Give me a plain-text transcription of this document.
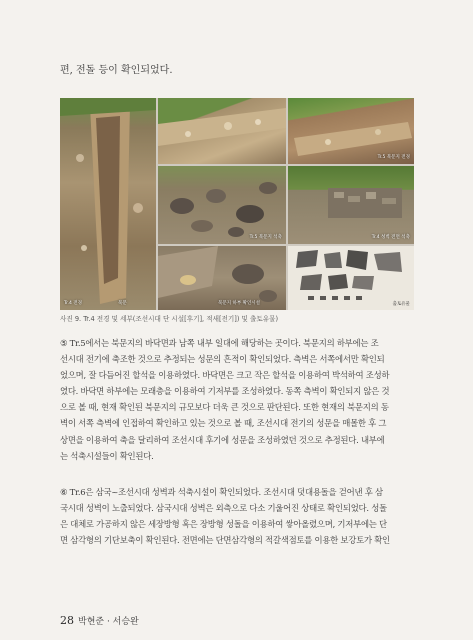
편, 전돌 등이 확인되었다.
Tr.4 전경	북문
Tr.5 북문지 전경
Tr.5 북문지 석축	Tr.4 성벽 전면 석축
북문지 하부 확인시설	출토유물
사진 9. Tr.4 전경 및 세부(조선시대 단 시설[후기], 적새[전기]) 및 출토유물)

⑤ Tr.5에서는 북문지의 바닥면과 남쪽 내부 일대에 해당하는 곳이다. 북문지의 하부에는 조
선시대 전기에 축조한 것으로 추정되는 성문의 흔적이 확인되었다. 측벽은 서쪽에서만 확인되
었으며, 잘 다듬어진 할석을 이용하였다. 바닥면은 크고 작은 할석을 이용하여 박석하여 조성하
였다. 바닥면 하부에는 모래층을 이용하여 기저부를 조성하였다. 동쪽 측벽이 확인되지 않은 것
으로 볼 때, 현재 확인된 북문지의 규모보다 더욱 큰 것으로 판단된다. 또한 현재의 북문지의 동
벽이 서쪽 측벽에 인접하여 확인하고 있는 것으로 볼 때, 조선시대 전기의 성문을 매몰한 후 그
상면을 이용하여 축을 달리하여 조선시대 후기에 성문을 조성하였던 것으로 추정된다. 내부에
는 석축시설들이 확인된다.

⑥ Tr.6은 삼국~조선시대 성벽과 석축시설이 확인되었다. 조선시대 덧대용돌을 걷어낸 후 삼
국시대 성벽이 노출되었다. 삼국시대 성벽은 외측으로 다소 기울어진 상태로 확인되었다. 성돌
은 대체로 가공하지 않은 세장방형 혹은 장방형 성돌을 이용하여 쌓아올렸으며, 기저부에는 단
면 삼각형의 기단보축이 확인된다. 전면에는 단면삼각형의 적갈색점토를 이용한 보강토가 확인

28 박현준 · 서승완
